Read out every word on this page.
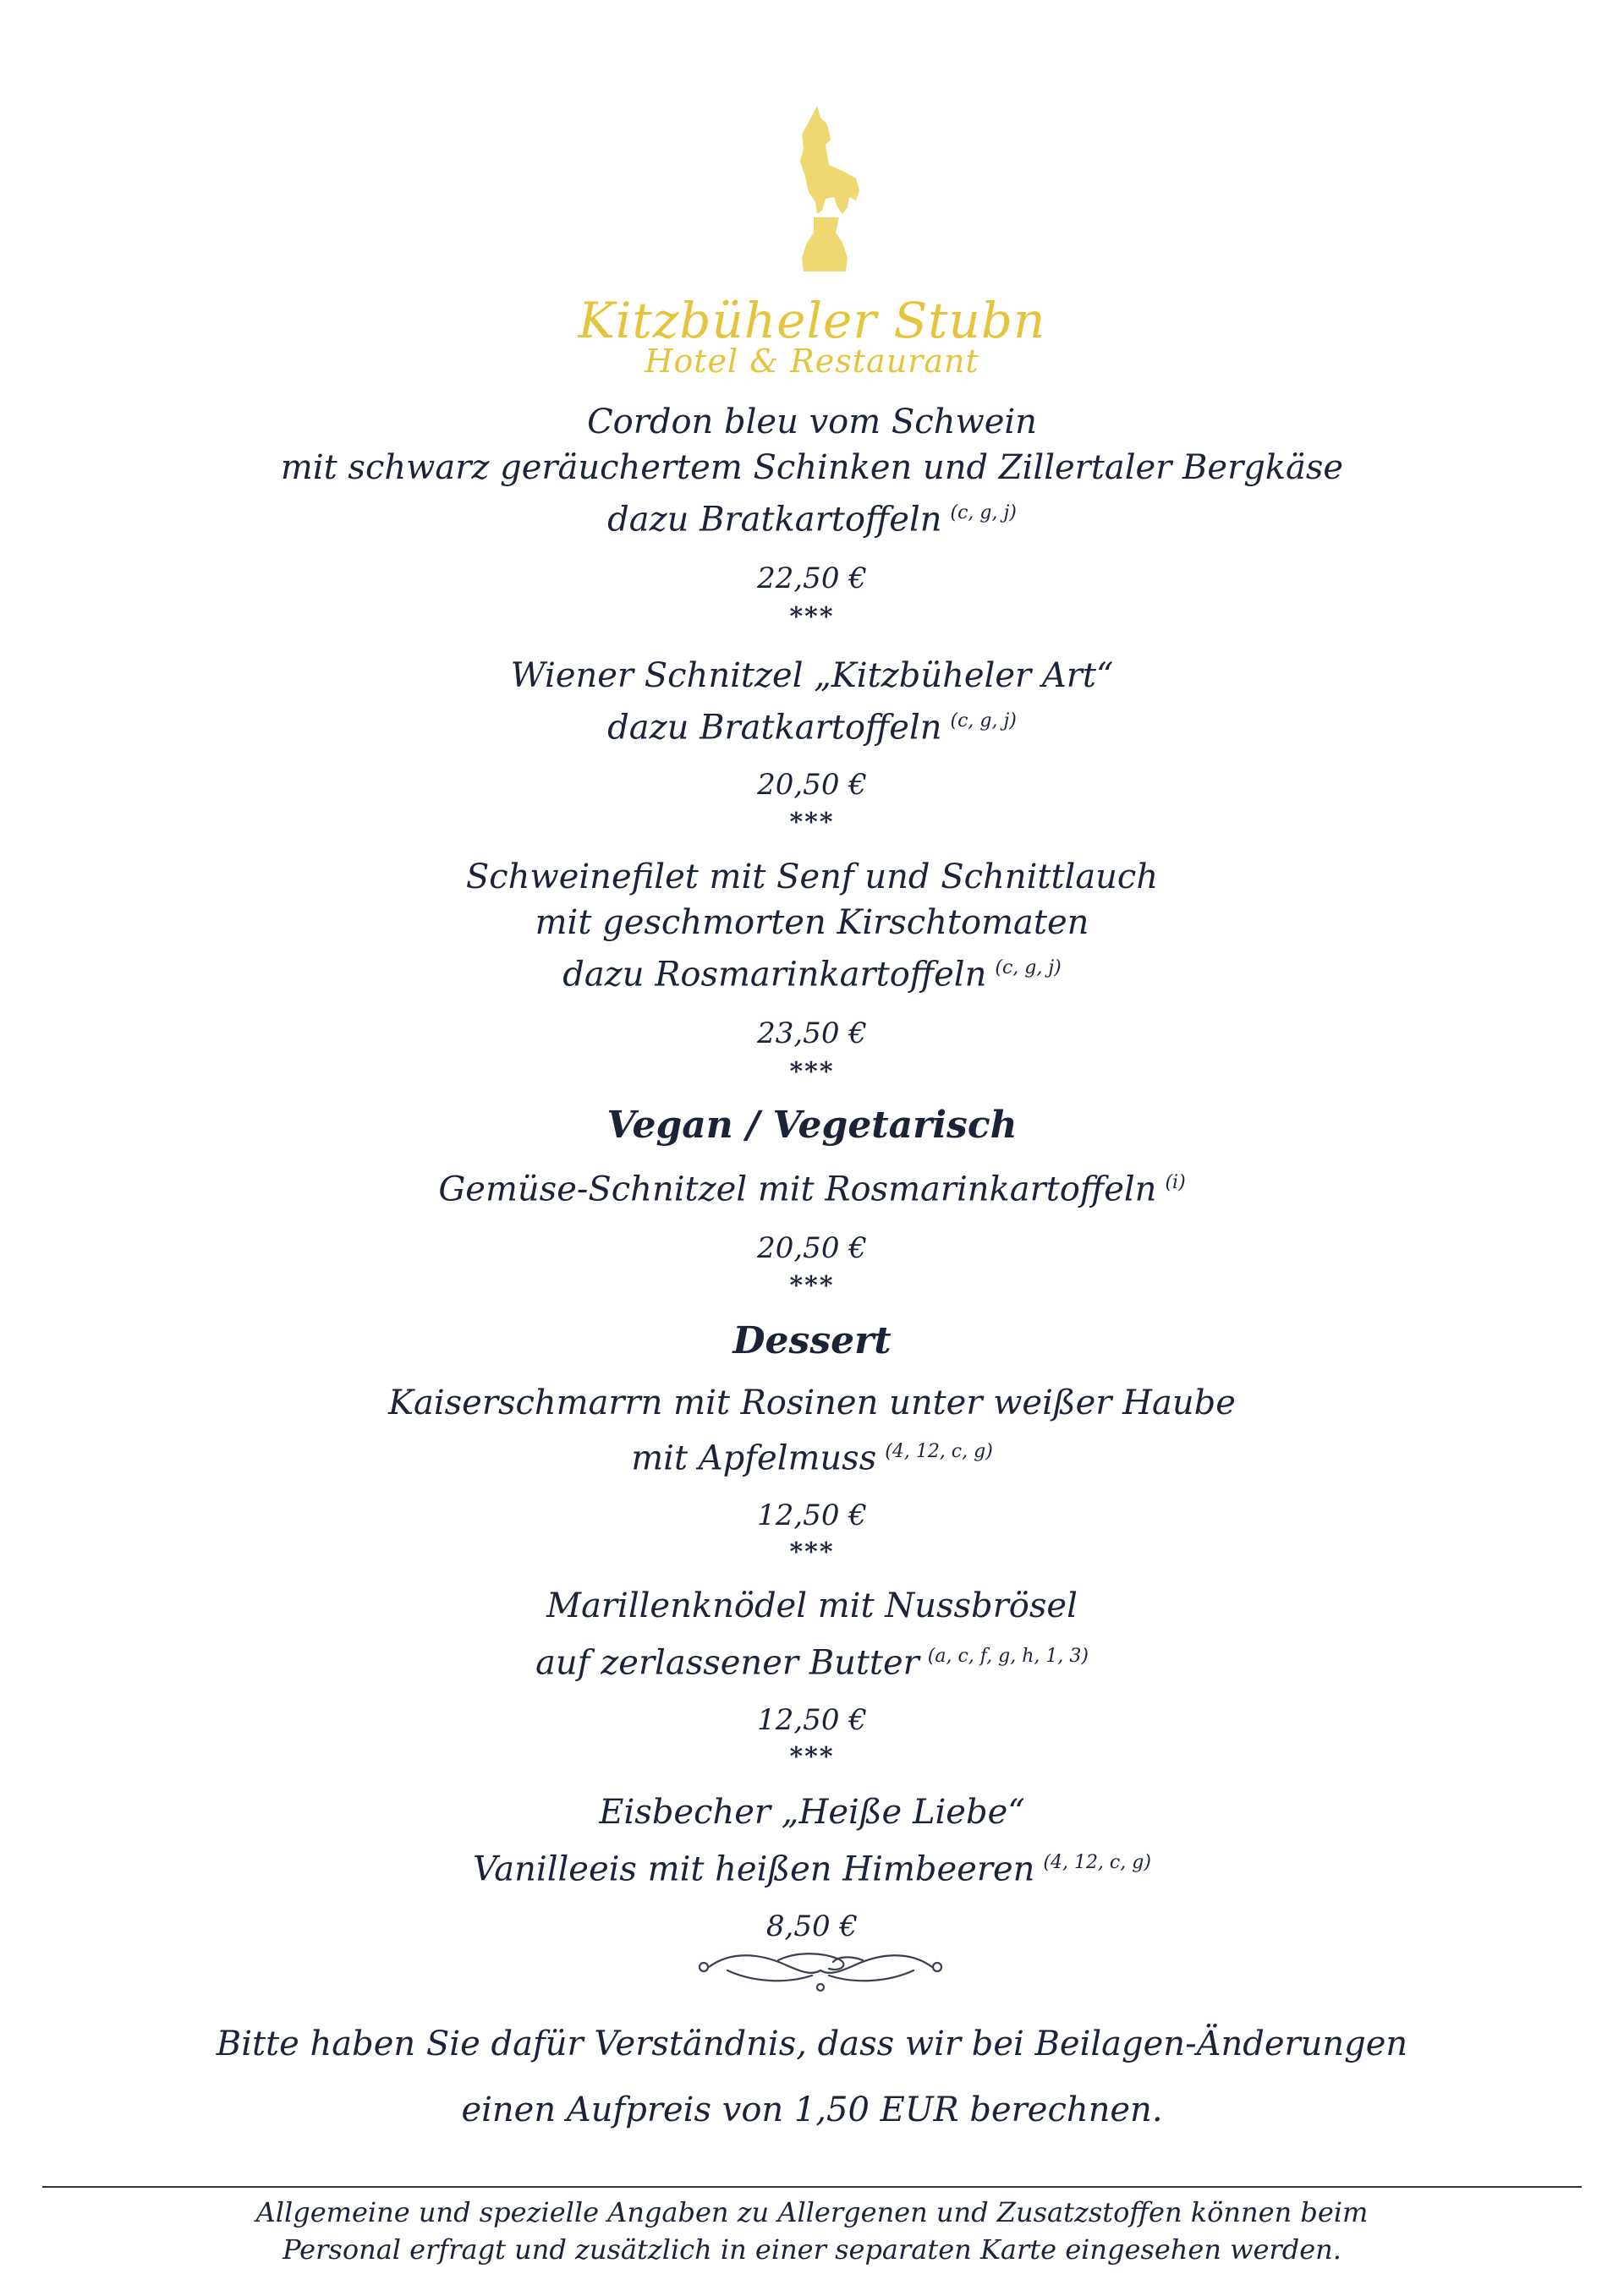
Kitzbüheler Stubn
Hotel & Restaurant
Cordon bleu vom Schwein
mit schwarz geräuchertem Schinken und Zillertaler Bergkäse
dazu Bratkartoffeln $^{(c, g, j)}$
22,50 €
***
Wiener Schnitzel „Kitzbüheler Art“
dazu Bratkartoffeln $^{(c, g, j)}$
20,50 €
***
Schweinefilet mit Senf und Schnittlauch
mit geschmorten Kirschtomaten
dazu Rosmarinkartoffeln $^{(c, g, j)}$
23,50 €
***
Vegan / Vegetarisch
Gemüse-Schnitzel mit Rosmarinkartoffeln $^{(i)}$
20,50 €
***
Dessert
Kaiserschmarrn mit Rosinen unter weißer Haube
mit Apfelmuss $^{(4, 12, c, g)}$
12,50 €
***
Marillenknödel mit Nussbrösel
auf zerlassener Butter $^{(a, c, f, g, h, 1, 3)}$
12,50 €
***
Eisbecher „Heiße Liebe“
Vanilleeis mit heißen Himbeeren $^{(4, 12, c, g)}$
8,50 €
Bitte haben Sie dafür Verständnis, dass wir bei Beilagen-Änderungen
einen Aufpreis von 1,50 EUR berechnen.
Allgemeine und spezielle Angaben zu Allergenen und Zusatzstoffen können beim
Personal erfragt und zusätzlich in einer separaten Karte eingesehen werden.
